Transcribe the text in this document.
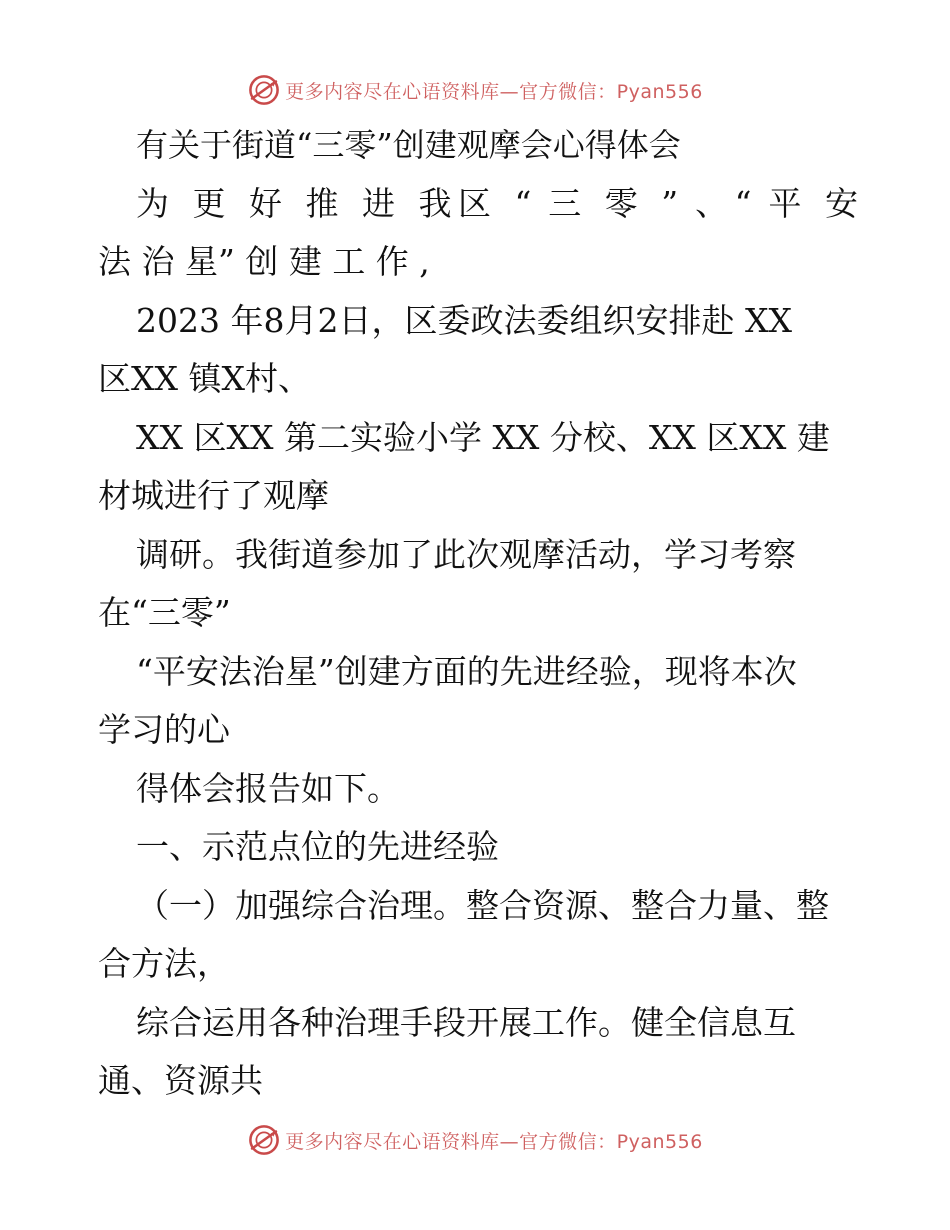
更多内容尽在心语资料库—官方微信：Pyan556
有关于街道“三零”创建观摩会心得体会
为 更 好 推 进 我区 “ 三 零 ” 、“ 平 安
法 治 星” 创 建 工 作 ,
2023 年8月2日，区委政法委组织安排赴 XX
区XX 镇X村、
XX 区XX 第二实验小学 XX 分校、XX 区XX 建
材城进行了观摩
调研。我街道参加了此次观摩活动，学习考察
在“三零”
“平安法治星”创建方面的先进经验，现将本次
学习的心
得体会报告如下。
一、示范点位的先进经验
（一）加强综合治理。整合资源、整合力量、整
合方法，
综合运用各种治理手段开展工作。健全信息互
通、资源共
更多内容尽在心语资料库—官方微信：Pyan556
